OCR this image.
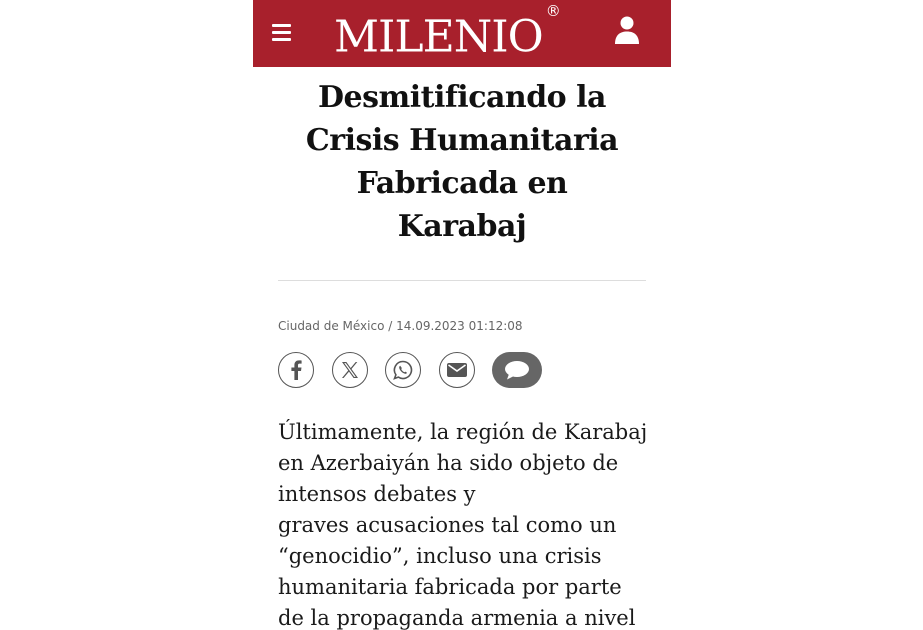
MILENIO®
Desmitificando la
Crisis Humanitaria
Fabricada en
Karabaj
Ciudad de México / 14.09.2023 01:12:08
Últimamente, la región de Karabaj
en Azerbaiyán ha sido objeto de
intensos debates y
graves acusaciones tal como un
“genocidio”, incluso una crisis
humanitaria fabricada por parte
de la propaganda armenia a nivel
